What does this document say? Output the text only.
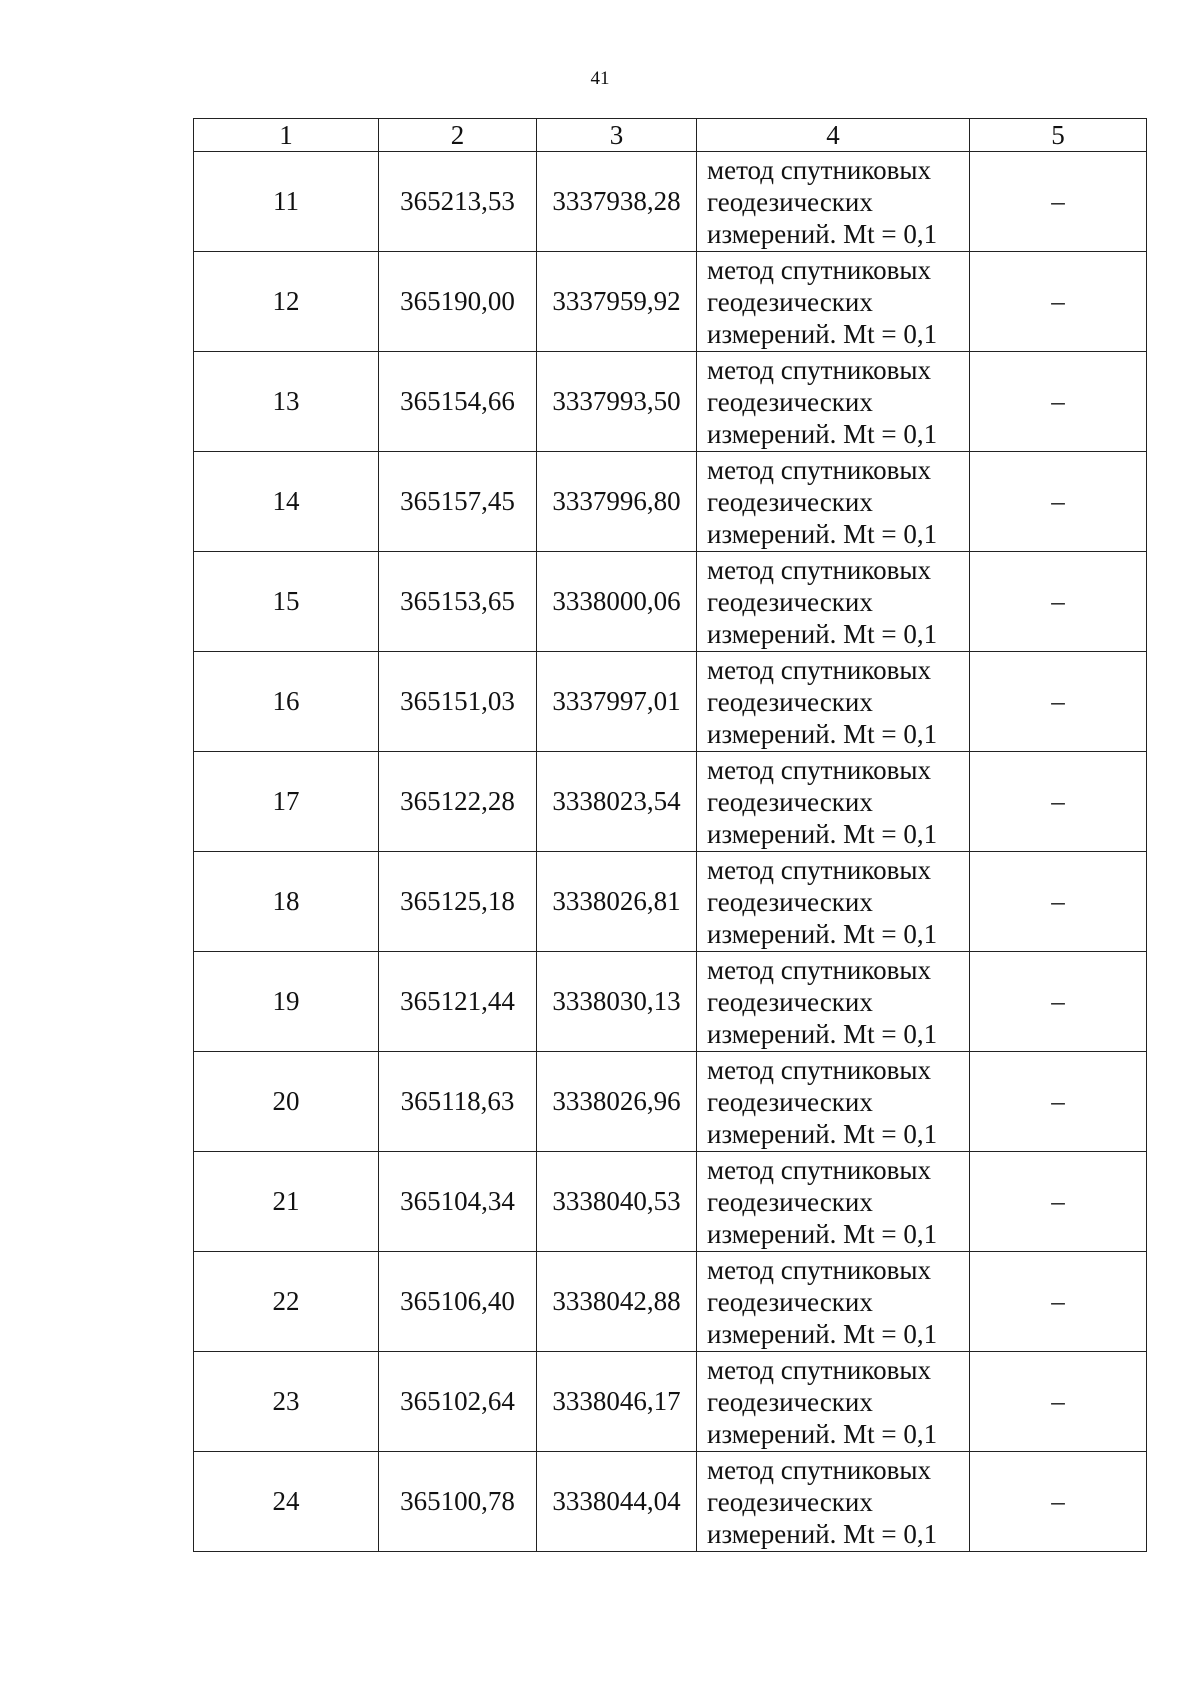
41
1	2	3	4	5
11	365213,53	3337938,28	метод спутниковых
геодезических
измерений. Mt = 0,1	–
12	365190,00	3337959,92	метод спутниковых
геодезических
измерений. Mt = 0,1	–
13	365154,66	3337993,50	метод спутниковых
геодезических
измерений. Mt = 0,1	–
14	365157,45	3337996,80	метод спутниковых
геодезических
измерений. Mt = 0,1	–
15	365153,65	3338000,06	метод спутниковых
геодезических
измерений. Mt = 0,1	–
16	365151,03	3337997,01	метод спутниковых
геодезических
измерений. Mt = 0,1	–
17	365122,28	3338023,54	метод спутниковых
геодезических
измерений. Mt = 0,1	–
18	365125,18	3338026,81	метод спутниковых
геодезических
измерений. Mt = 0,1	–
19	365121,44	3338030,13	метод спутниковых
геодезических
измерений. Mt = 0,1	–
20	365118,63	3338026,96	метод спутниковых
геодезических
измерений. Mt = 0,1	–
21	365104,34	3338040,53	метод спутниковых
геодезических
измерений. Mt = 0,1	–
22	365106,40	3338042,88	метод спутниковых
геодезических
измерений. Mt = 0,1	–
23	365102,64	3338046,17	метод спутниковых
геодезических
измерений. Mt = 0,1	–
24	365100,78	3338044,04	метод спутниковых
геодезических
измерений. Mt = 0,1	–
